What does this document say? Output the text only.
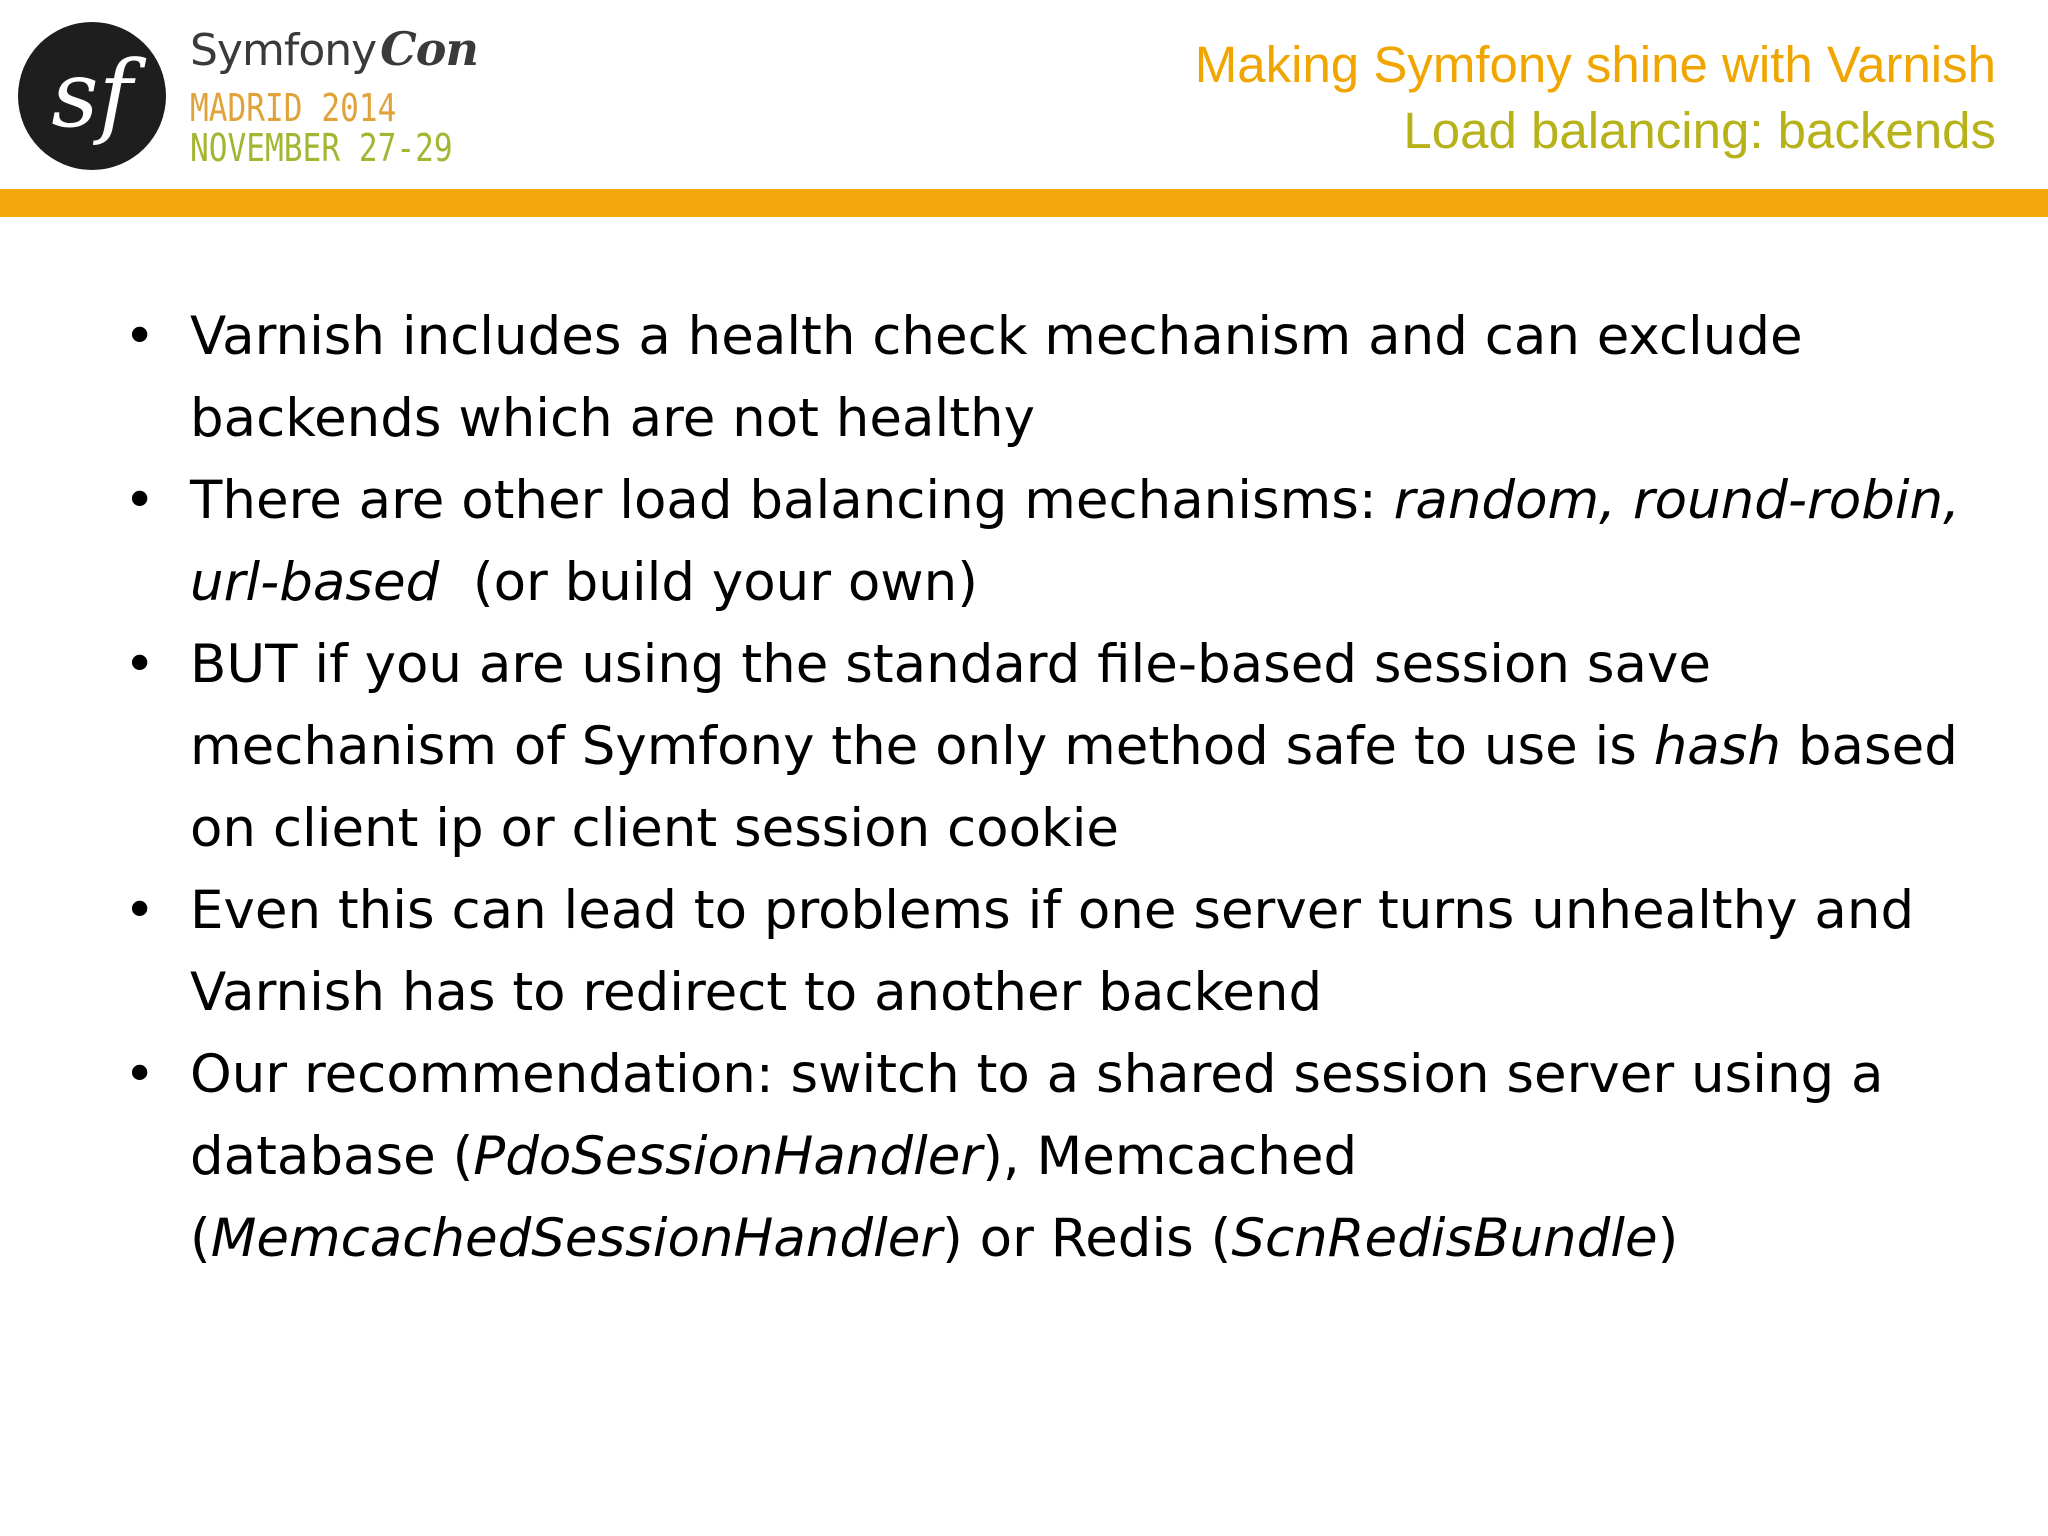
sf	SymfonyCon
MADRID 2014
NOVEMBER 27-29
Making Symfony shine with Varnish
Load balancing: backends
• Varnish includes a health check mechanism and can exclude backends which are not healthy
• There are other load balancing mechanisms: random, round-robin, url-based  (or build your own)
• BUT if you are using the standard file-based session save mechanism of Symfony the only method safe to use is hash based on client ip or client session cookie
• Even this can lead to problems if one server turns unhealthy and Varnish has to redirect to another backend
• Our recommendation: switch to a shared session server using a database (PdoSessionHandler), Memcached (MemcachedSessionHandler) or Redis (ScnRedisBundle)
